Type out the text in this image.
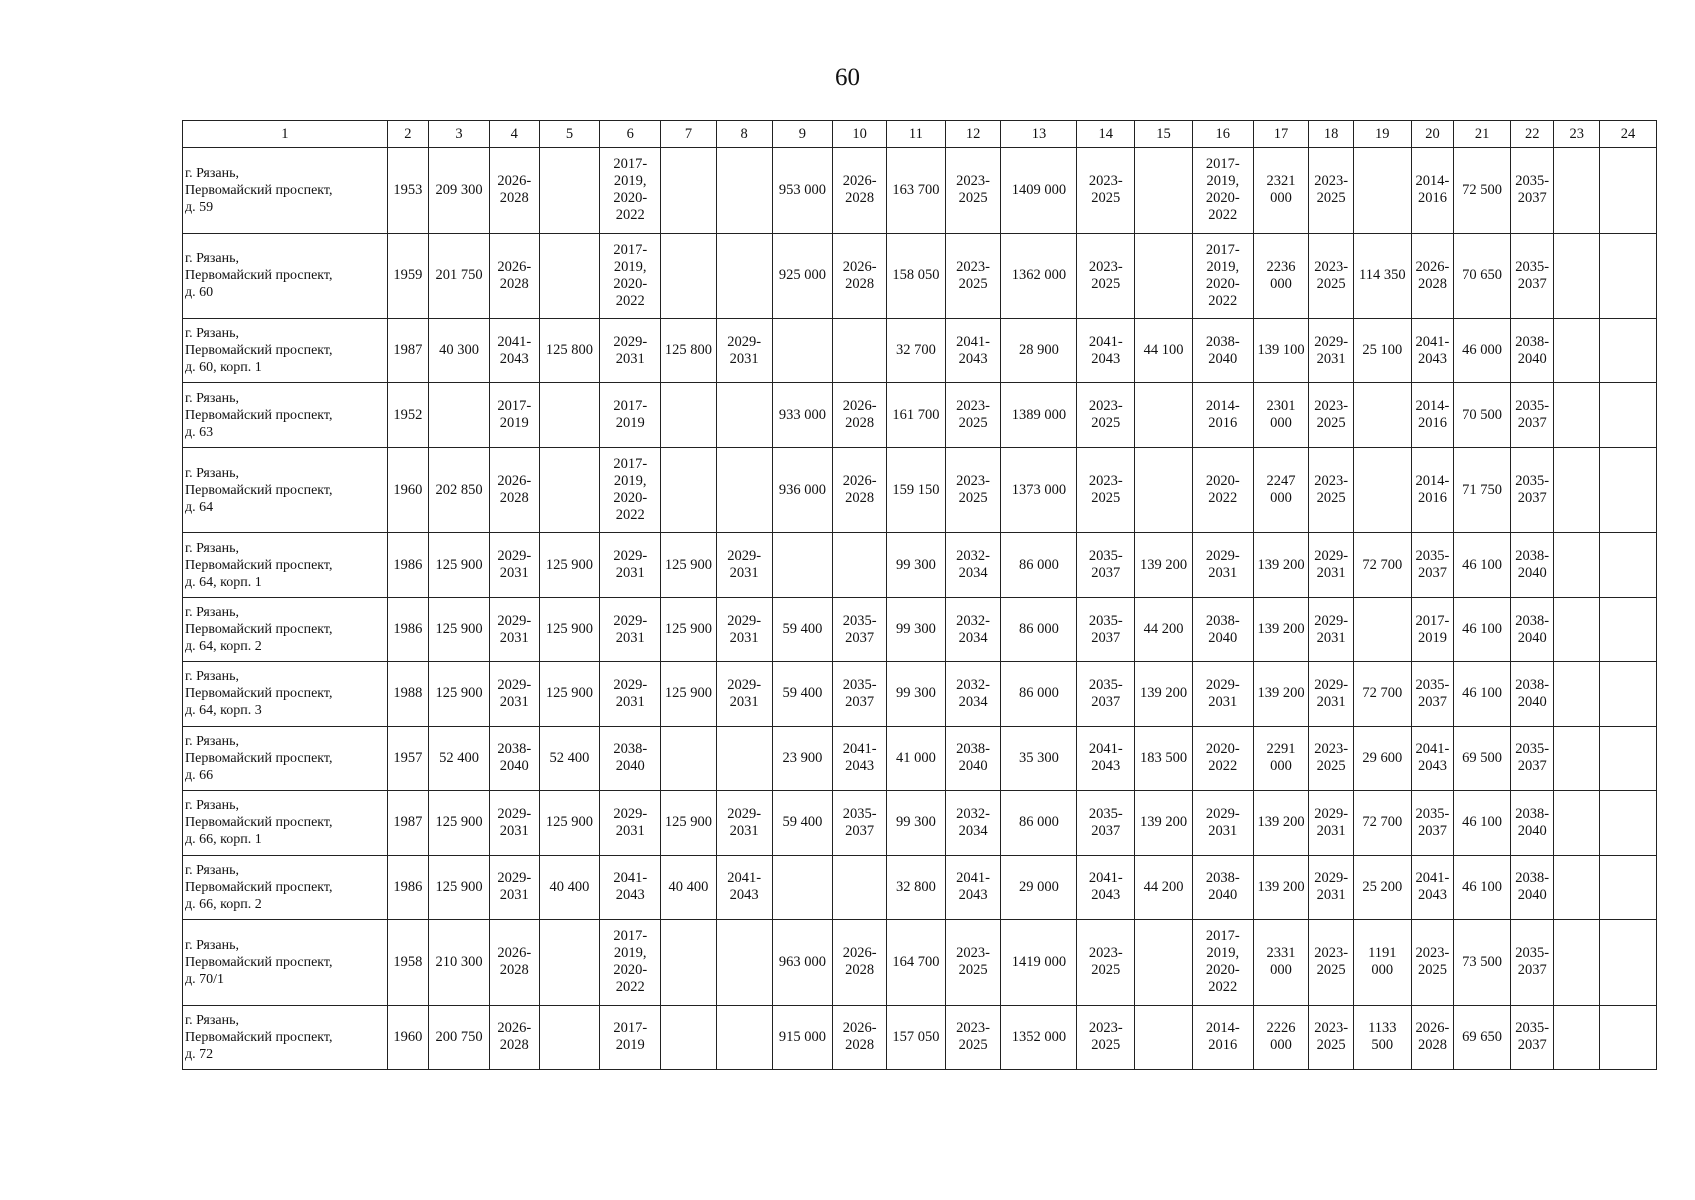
60
1	2	3	4	5	6	7	8	9	10	11	12	13	14	15	16	17	18	19	20	21	22	23	24

г. Рязань,
Первомайский проспект,
д. 59	1953	209 300	2026-
2028		2017-
2019,
2020-
2022			953 000	2026-
2028	163 700	2023-
2025	1409 000	2023-
2025		2017-
2019,
2020-
2022	2321
000	2023-
2025		2014-
2016	72 500	2035-
2037		

г. Рязань,
Первомайский проспект,
д. 60	1959	201 750	2026-
2028		2017-
2019,
2020-
2022			925 000	2026-
2028	158 050	2023-
2025	1362 000	2023-
2025		2017-
2019,
2020-
2022	2236
000	2023-
2025	114 350	2026-
2028	70 650	2035-
2037		

г. Рязань,
Первомайский проспект,
д. 60, корп. 1	1987	40 300	2041-
2043	125 800	2029-
2031	125 800	2029-
2031			32 700	2041-
2043	28 900	2041-
2043	44 100	2038-
2040	139 100	2029-
2031	25 100	2041-
2043	46 000	2038-
2040		

г. Рязань,
Первомайский проспект,
д. 63	1952		2017-
2019		2017-
2019			933 000	2026-
2028	161 700	2023-
2025	1389 000	2023-
2025		2014-
2016	2301
000	2023-
2025		2014-
2016	70 500	2035-
2037		

г. Рязань,
Первомайский проспект,
д. 64	1960	202 850	2026-
2028		2017-
2019,
2020-
2022			936 000	2026-
2028	159 150	2023-
2025	1373 000	2023-
2025		2020-
2022	2247
000	2023-
2025		2014-
2016	71 750	2035-
2037		

г. Рязань,
Первомайский проспект,
д. 64, корп. 1	1986	125 900	2029-
2031	125 900	2029-
2031	125 900	2029-
2031			99 300	2032-
2034	86 000	2035-
2037	139 200	2029-
2031	139 200	2029-
2031	72 700	2035-
2037	46 100	2038-
2040		

г. Рязань,
Первомайский проспект,
д. 64, корп. 2	1986	125 900	2029-
2031	125 900	2029-
2031	125 900	2029-
2031	59 400	2035-
2037	99 300	2032-
2034	86 000	2035-
2037	44 200	2038-
2040	139 200	2029-
2031		2017-
2019	46 100	2038-
2040		

г. Рязань,
Первомайский проспект,
д. 64, корп. 3	1988	125 900	2029-
2031	125 900	2029-
2031	125 900	2029-
2031	59 400	2035-
2037	99 300	2032-
2034	86 000	2035-
2037	139 200	2029-
2031	139 200	2029-
2031	72 700	2035-
2037	46 100	2038-
2040		

г. Рязань,
Первомайский проспект,
д. 66	1957	52 400	2038-
2040	52 400	2038-
2040			23 900	2041-
2043	41 000	2038-
2040	35 300	2041-
2043	183 500	2020-
2022	2291
000	2023-
2025	29 600	2041-
2043	69 500	2035-
2037		

г. Рязань,
Первомайский проспект,
д. 66, корп. 1	1987	125 900	2029-
2031	125 900	2029-
2031	125 900	2029-
2031	59 400	2035-
2037	99 300	2032-
2034	86 000	2035-
2037	139 200	2029-
2031	139 200	2029-
2031	72 700	2035-
2037	46 100	2038-
2040		

г. Рязань,
Первомайский проспект,
д. 66, корп. 2	1986	125 900	2029-
2031	40 400	2041-
2043	40 400	2041-
2043			32 800	2041-
2043	29 000	2041-
2043	44 200	2038-
2040	139 200	2029-
2031	25 200	2041-
2043	46 100	2038-
2040		

г. Рязань,
Первомайский проспект,
д. 70/1	1958	210 300	2026-
2028		2017-
2019,
2020-
2022			963 000	2026-
2028	164 700	2023-
2025	1419 000	2023-
2025		2017-
2019,
2020-
2022	2331
000	2023-
2025	1191
000	2023-
2025	73 500	2035-
2037		

г. Рязань,
Первомайский проспект,
д. 72	1960	200 750	2026-
2028		2017-
2019			915 000	2026-
2028	157 050	2023-
2025	1352 000	2023-
2025		2014-
2016	2226
000	2023-
2025	1133
500	2026-
2028	69 650	2035-
2037		
